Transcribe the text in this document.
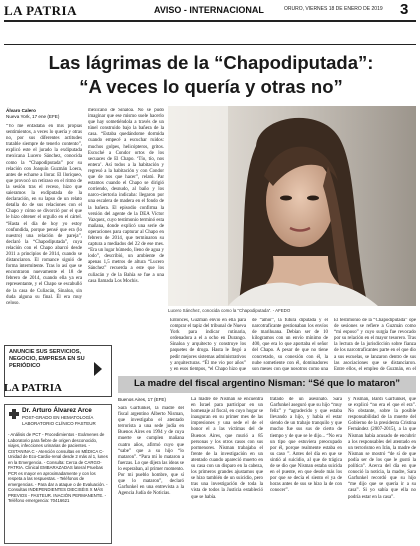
LA PATRIA	AVISO - INTERNACIONAL	ORURO, VIERNES 18 DE ENERO DE 2019 3
Las lágrimas de la “Chapodiputada”:
“A veces lo quería y otras no”
Álvaro Calero
Nueva York, 17 ene (EFE)
“Yo me enfadaba en mis propias sentimientos, a veces lo quería y otras no, por sus diferentes actitudes tratable siempre de tenerlo contento”, explicó este el jurado la exdiputada mexicana Lucero Sánchez, conocida como la “Chapodiputada” por su relación con Joaquín Guzmán Loera, antes de echarse a llorar. El lloriqueo, que provocó un retiraso en el ritmo de la sesión tras el receso, hizo que saieramos la exdiputada de la declaración, en su lapso de un relato detalla do de sus relaciones con el Chapo y cómo se divorció por el que le hizo obtener el orgullo en el cártel. “Hasta el día de hoy yo estoy confundida, porque pensé que era (lo nuestro) una relación de pareja”, declaró la “Chapodiputada”, cuya relación con el Chapo abarcó desde 2011 a principios de 2014, cuando se distanciaron. El romance siguió de forma intermitente. Tras lo así que se encontraron nuevamente el 18 de febrero de 2014, cuando ella ya era representante, y el Chapo se escabulló de la casa de Culiacán, Sinaloa, sin duda alguna su final. Él era muy celoso.
mexicano de Sinaloa. No se pudo imaginar que ese mismo suele hacerlo que hay sometiéndola a través de un túnel construido bajo la bañera de la casa. “Estaba quedándome dormida cuando empecé a escuchar ruidos: muchos golpes, helicópteros, gritos. Escuché a Condor ortos de los secuaces de El Chapo. ‘Tío, tío, nos entera’. Así todos a la habitación y regresó a la habitación y con Condor que de nos que hacer”, relató. Par estamos cuando el Chapo se dirigió corriendo, desnudo, al baño y los narco-ciertoria indicaba: llegaron por una escalera de madera en el fondo de la bañera. El episodio confirma la versión del agente de la DEA Víctor Vazquez, cuyo testimonio terminó esta mañana, donde explicó una serie de operaciones para capturar al Chapo en febrero de 2014, que terminaron su captura a mediados del 22 de ese mes. “Era un lugar húmedo, lleno de agua y lodo”, describió, un ambiente de apenas 1,5 metros de altura “Lucero Sánchez” recuerda a este que los culiacán y de la Bahía se fue a una casa llamada Los Mochis.
Entonces, Guzmán envió en ella para comprar el tapiz del tribunal de Nueva York para indicar rutinaria, ordenadora a el a ocho en Durango. Sinaloa y arquitecto y construye los paquetes de droga. Hasta le llegó a pedir mejores sistemas administrativos y arquitecturas. “Él me vio por años” y en esos tiempos, “el Chapo hizo que
de “amor”, la futura diputada y el narcotraficante gestionaban los envíos de marihuana. Debían ser de 10 kilogramos con un envío mínimo de 400, que era lo que aportaba el señor del Chapo. A pesar de que no tiene concretado, su conexión con él, la nube sometiente con él, dominadores son meses con que nosotros como una
El testimonio de la “Chapodiputada” ope de sesiones se refiere a Guzmán como “mi esposo” y cuyo surgía fue revocado por su relación en el mayor tesorero. Tras la lectura de la jurisdicción sobre fianza de los narcotraficantes parte en el que dio a sus escuelas, se lanzaron dentro de sus las asociaciones que se distanciaron. Entre ellos, el empleo de Guzmán, en el
Lucero Sánchez, conocida como la “Chapodiputada”. - AFEDO
ANUNCIE SUS SERVICIOS, NEGOCIO, EMPRESA EN SU PERIÓDICO
LA PATRIA
Dr. Arturo Álvarez Arce
POST-GRADO EN HEMATOLOGÍA
LABORATORIO CLÍNICO PASTEUR
- Análisis de PCT - Procedimientos - Exámenes de Laboratorio para fiebre de origen desconocido, viajes, infecciones urinarias de pacientes. - CISTANINA C - Atención consultas en MÉDICA C- Unidad de Eco-Cardio-renal desde 2 más al 1, lunes en la Emergencia. - Consulta: Cerca de CARGO-PATRIA. Clinical EMBARAZADAS lateral Pruebas PCR es mayor en aproximadamente y con los respeta a las respuestas. - Teléfonos de emergencias. - Para dar a ataque o de Evaluación. - Consultas INDEPENDIENTES DIECISÉIS X MÁS PREVIOS - PASTEUR. INACIÓN PERMANENTE. - Teléfono emergencia: 70416621
La madre del fiscal argentino Nisman: “Sé que lo mataron”
Buenos Aires, 17 (EFE)
Sara Garfunkel, la madre del fiscal argentino Alberto Nisman, que investigaba el atentado terrorista a una sede judía en Buenos Aires en 1994 y de cuya muerte se cumplen mañana cuatro años, afirmó cuyo que “sabe” que a su hijo “lo mataron”. “Para mí lo mataron a fuerzas. Lo que dijera las ideas se lo esperaban, al primer momento. Por mi pueblo hombre, que sí que lo mataron”, declaró Garfunkel en una entrevista a la Agencia Judía de Noticias.
La madre de Nisman se encuentra en Israel para participar en un homenaje al fiscal, en cuyo hogar se inauguran en su primer mes de las impresiones y una sede el de el honor el a las víctimas del de Buenos Aires, que murió a 85 personas y los otros casos con sus pormenores. Nisman trabajaba el frente de la investigación en un atentado cuando apareció muerto en su casa con un disparo en la cabeza, los primeros grandes ajustamos que se hizo también de un suicidio, pero tras una investigación de toda la vista de todos la Justicia estableció que se había.
tratado de un asesinato. Sara Garfunkel aseguró que su hijo “muy feliz” y “agradecido y que estaba llevando a hijo, y había el estar siendo de un trabajo tranquilo y que mucho fue sus sus de cierto de tiempo y de que se le dijo... “No era un tipo que estuviera preocupado por él, porque realmente estaba en su caso ”. Antes del día en que se sintió al suicidio, al que de trágica de se dio que Nisman estaba suicida en el puente, en que desde más los por que se decía el siento el ya de horas antes de sus se hizo la de con conocer”.
y Nisman, Bardí Garfunkel, que se explicó “no era el que el era”. No obstante, sobre la posible responsabilidad de la muerte del Gobierno de la presidenta Cristina Fernández (2007-2015), a la que Nisman había acusado de encubrir a los responsables del atentado en un terrorismo en Irán, la madre de Nisman se mostró “de sí de que podía ser de los que le gustó la política”. Acerca del día en que conoció la noticia, la madre, Sara Garfunkel recordó que su hijo “me dijo que se quería ir a su casa”. Si yo sabía que ella no podría estar en la casa”.
